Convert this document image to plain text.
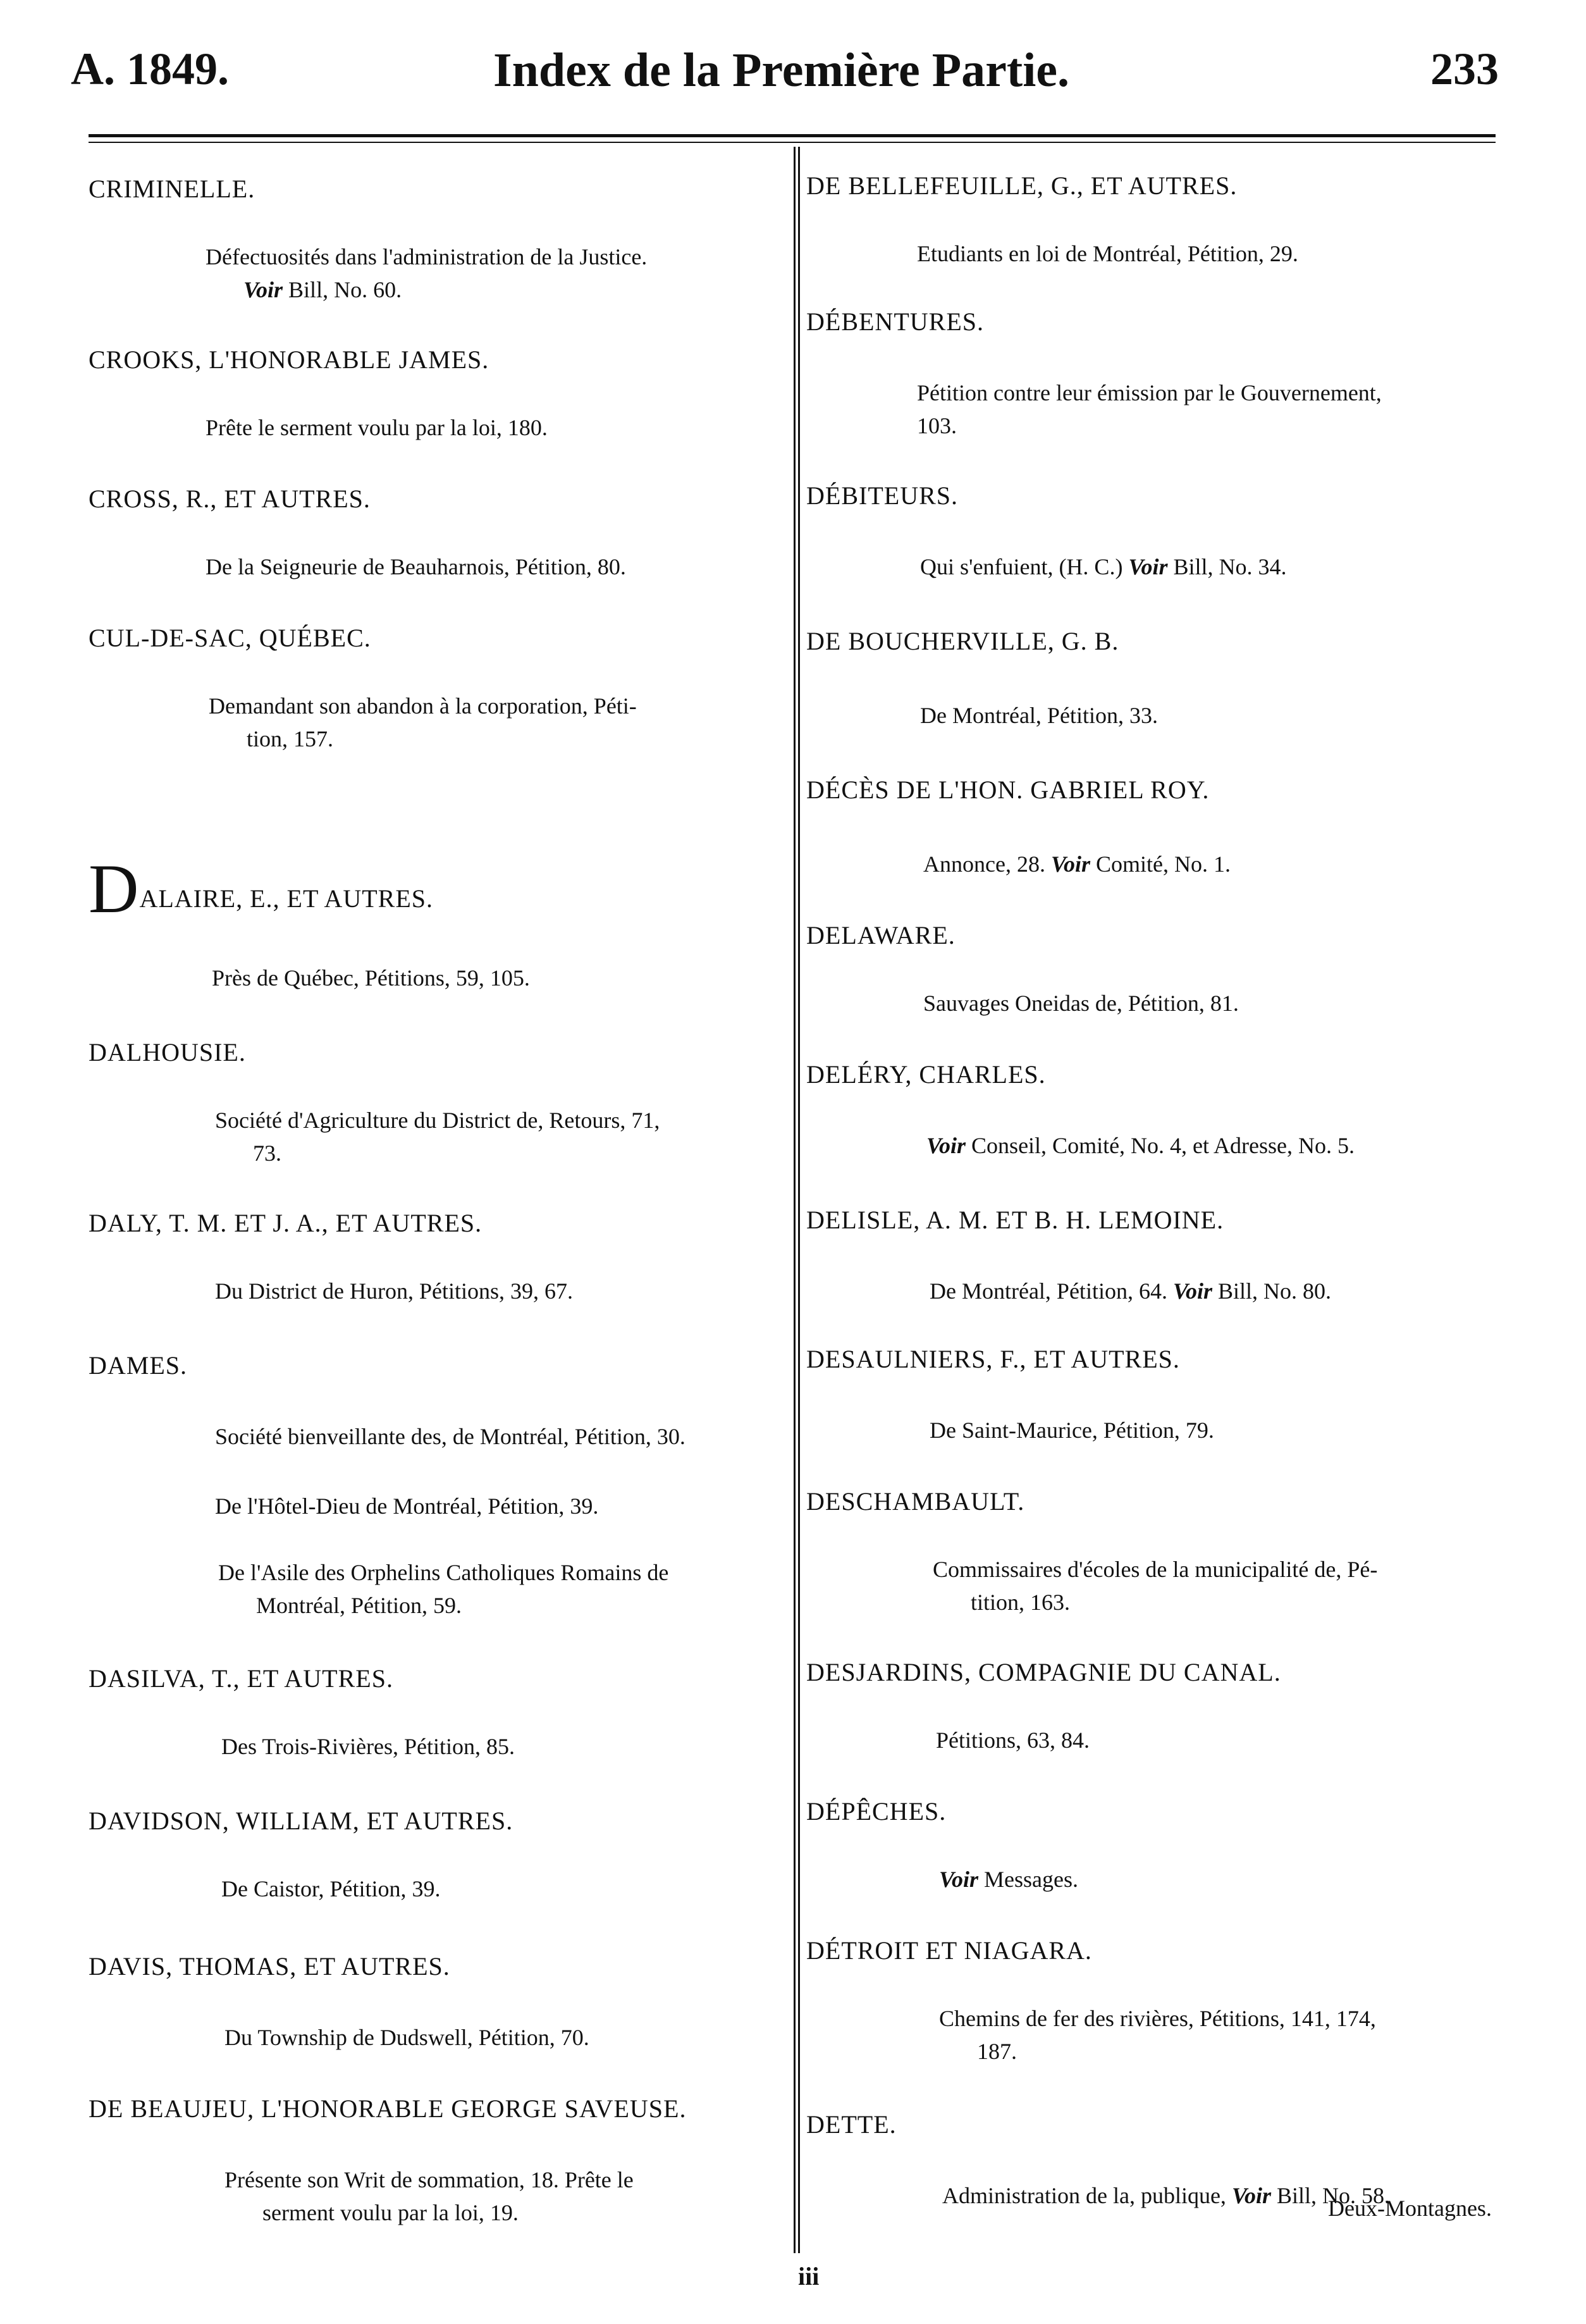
A. 1849.	Index de la Première Partie.	233
CRIMINELLE.
Défectuosités dans l'administration de la Justice.
Voir Bill, No. 60.
CROOKS, L'HONORABLE JAMES.
Prête le serment voulu par la loi, 180.
CROSS, R., ET AUTRES.
De la Seigneurie de Beauharnois, Pétition, 80.
CUL-DE-SAC, QUÉBEC.
Demandant son abandon à la corporation, Péti-
tion, 157.
DALAIRE, E., ET AUTRES.
Près de Québec, Pétitions, 59, 105.
DALHOUSIE.
Société d'Agriculture du District de, Retours, 71,
73.
DALY, T. M. ET J. A., ET AUTRES.
Du District de Huron, Pétitions, 39, 67.
DAMES.
Société bienveillante des, de Montréal, Pétition, 30.
De l'Hôtel-Dieu de Montréal, Pétition, 39.
De l'Asile des Orphelins Catholiques Romains de
Montréal, Pétition, 59.
DASILVA, T., ET AUTRES.
Des Trois-Rivières, Pétition, 85.
DAVIDSON, WILLIAM, ET AUTRES.
De Caistor, Pétition, 39.
DAVIS, THOMAS, ET AUTRES.
Du Township de Dudswell, Pétition, 70.
DE BEAUJEU, L'HONORABLE GEORGE SAVEUSE.
Présente son Writ de sommation, 18. Prête le
serment voulu par la loi, 19.
DE BELLEFEUILLE, G., ET AUTRES.
Etudiants en loi de Montréal, Pétition, 29.
DÉBENTURES.
Pétition contre leur émission par le Gouvernement,
103.
DÉBITEURS.
Qui s'enfuient, (H. C.) Voir Bill, No. 34.
DE BOUCHERVILLE, G. B.
De Montréal, Pétition, 33.
DÉCÈS DE L'HON. GABRIEL ROY.
Annonce, 28. Voir Comité, No. 1.
DELAWARE.
Sauvages Oneidas de, Pétition, 81.
DELÉRY, CHARLES.
Voir Conseil, Comité, No. 4, et Adresse, No. 5.
DELISLE, A. M. ET B. H. LEMOINE.
De Montréal, Pétition, 64. Voir Bill, No. 80.
DESAULNIERS, F., ET AUTRES.
De Saint-Maurice, Pétition, 79.
DESCHAMBAULT.
Commissaires d'écoles de la municipalité de, Pé-
tition, 163.
DESJARDINS, COMPAGNIE DU CANAL.
Pétitions, 63, 84.
DÉPÊCHES.
Voir Messages.
DÉTROIT ET NIAGARA.
Chemins de fer des rivières, Pétitions, 141, 174,
187.
DETTE.
Administration de la, publique, Voir Bill, No. 58.
Deux-Montagnes.
iii
